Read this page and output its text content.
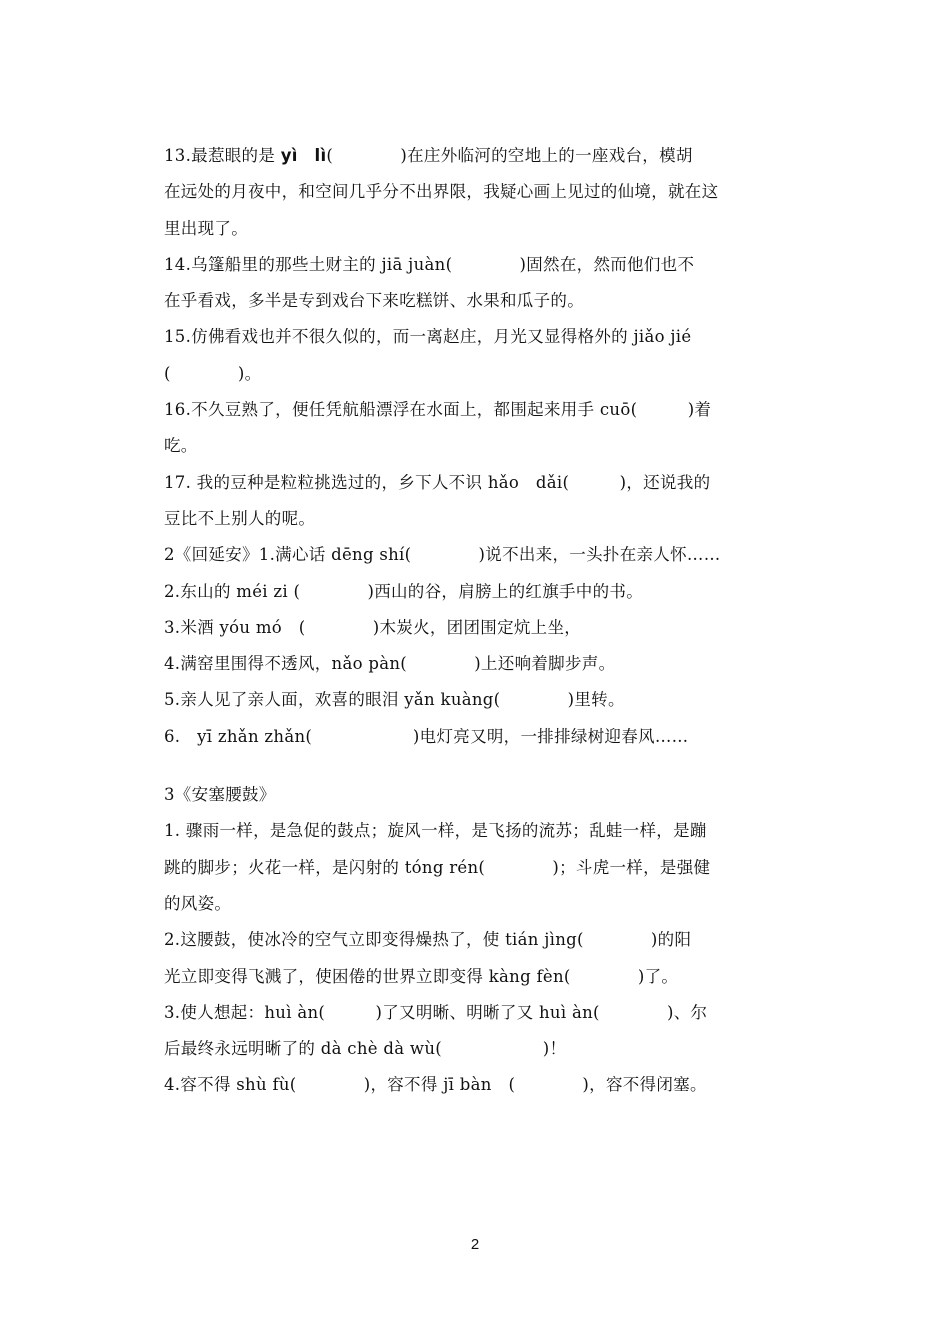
13.最惹眼的是 yì　lì(　　　　)在庄外临河的空地上的一座戏台，模胡
在远处的月夜中，和空间几乎分不出界限，我疑心画上见过的仙境，就在这
里出现了。
14.乌篷船里的那些土财主的 jiā juàn(　　　　)固然在，然而他们也不
在乎看戏，多半是专到戏台下来吃糕饼、水果和瓜子的。
15.仿佛看戏也并不很久似的，而一离赵庄，月光又显得格外的 jiǎo jié
(　　　　)。
16.不久豆熟了，便任凭航船漂浮在水面上，都围起来用手 cuō(　　　)着
吃。
17. 我的豆种是粒粒挑选过的，乡下人不识 hǎo　dǎi(　　　)，还说我的
豆比不上别人的呢。
2《回延安》1.满心话 dēng shí(　　　　)说不出来，一头扑在亲人怀……
2.东山的 méi zi (　　　　)西山的谷，肩膀上的红旗手中的书。
3.米酒 yóu mó　(　　　　)木炭火，团团围定炕上坐，
4.满窑里围得不透风，nǎo pàn(　　　　)上还响着脚步声。
5.亲人见了亲人面，欢喜的眼泪 yǎn kuàng(　　　　)里转。
6.　yī zhǎn zhǎn(　　　　　　)电灯亮又明，一排排绿树迎春风……
3《安塞腰鼓》
1. 骤雨一样，是急促的鼓点；旋风一样，是飞扬的流苏；乱蛙一样，是蹦
跳的脚步；火花一样，是闪射的 tóng rén(　　　　)；斗虎一样，是强健
的风姿。
2.这腰鼓，使冰冷的空气立即变得燥热了，使 tián jìng(　　　　)的阳
光立即变得飞溅了，使困倦的世界立即变得 kàng fèn(　　　　)了。
3.使人想起：huì àn(　　　)了又明晰、明晰了又 huì àn(　　　　)、尔
后最终永远明晰了的 dà chè dà wù(　　　　　　)！
4.容不得 shù fù(　　　　)，容不得 jī bàn　(　　　　)，容不得闭塞。
2
